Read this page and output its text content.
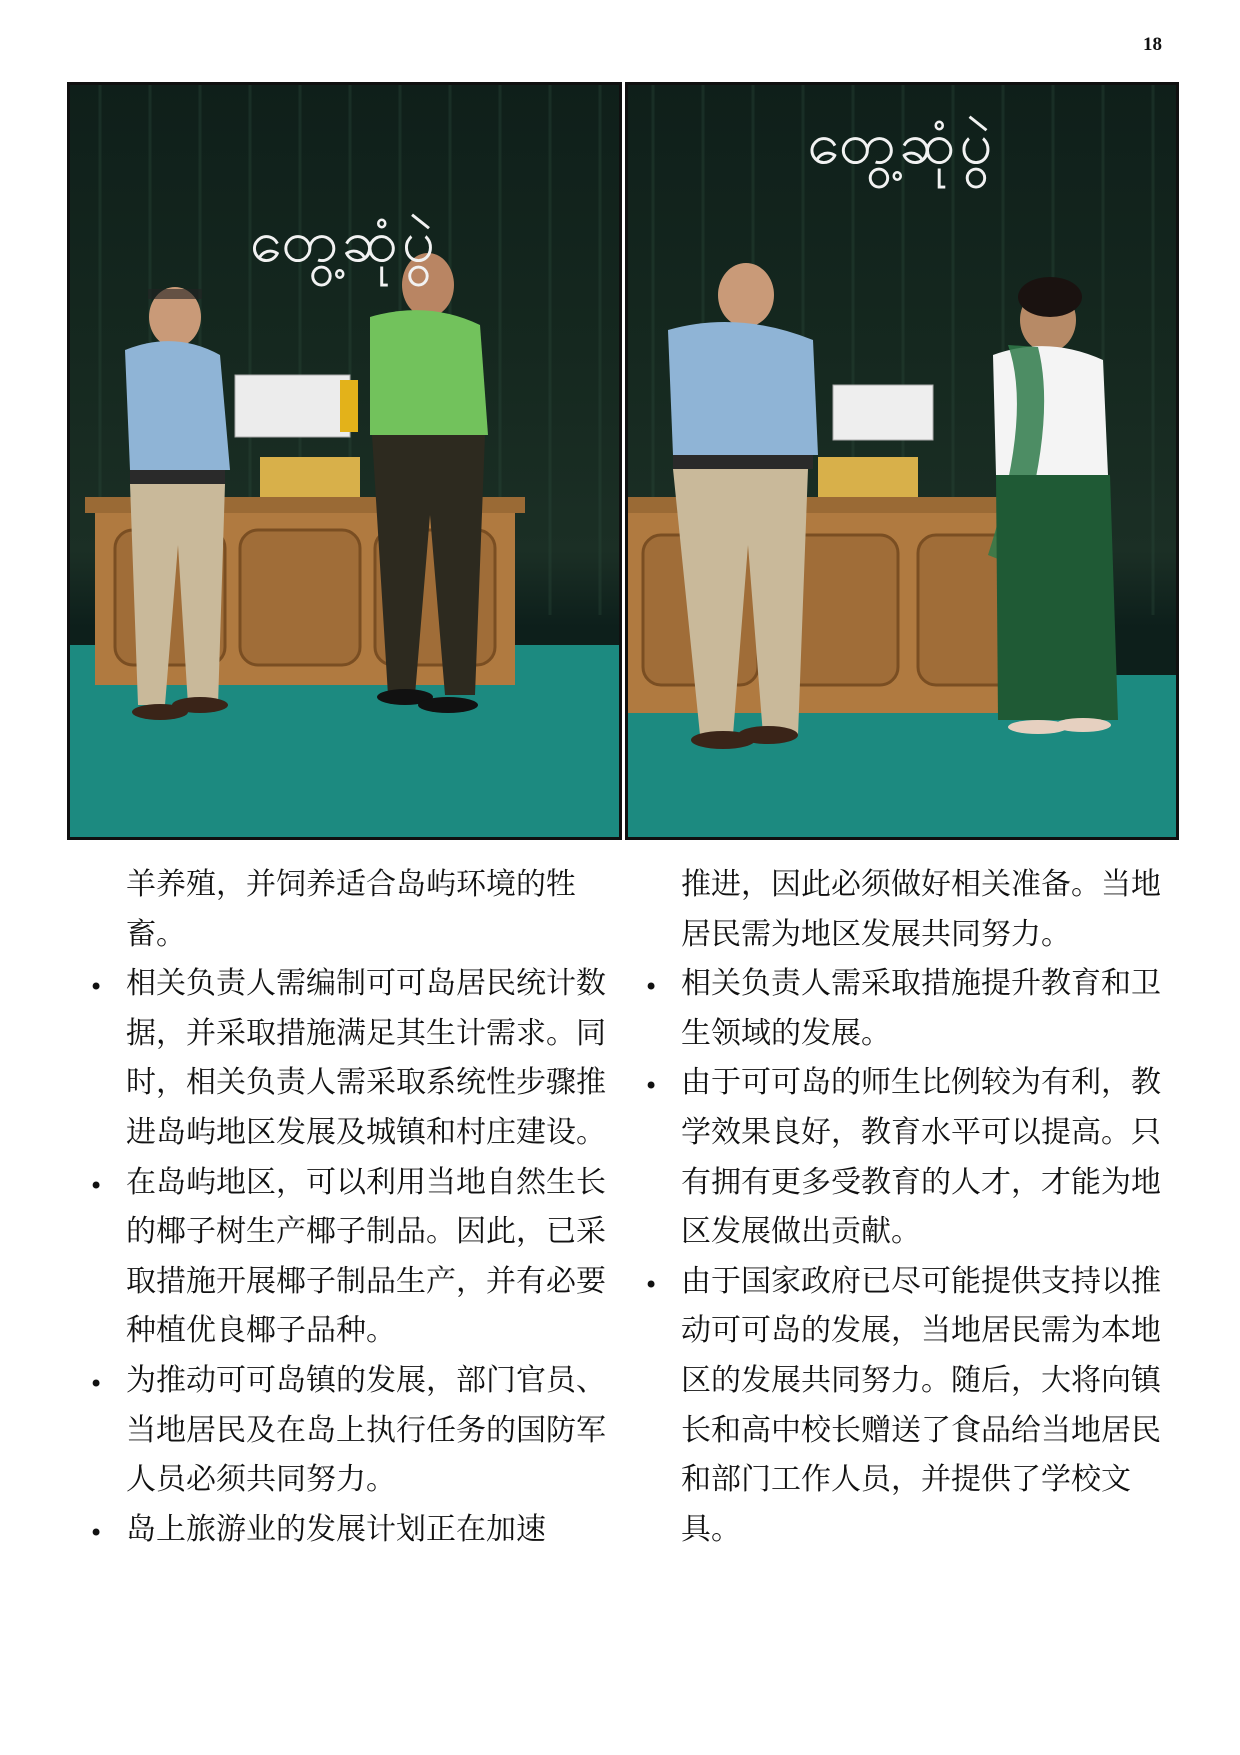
18
တွေ့ဆုံပွဲ
တွေ့ဆုံပွဲ

羊养殖，并饲养适合岛屿环境的牲畜。

• 相关负责人需编制可可岛居民统计数据，并采取措施满足其生计需求。同时，相关负责人需采取系统性步骤推进岛屿地区发展及城镇和村庄建设。
• 在岛屿地区，可以利用当地自然生长的椰子树生产椰子制品。因此，已采取措施开展椰子制品生产，并有必要种植优良椰子品种。
• 为推动可可岛镇的发展，部门官员、当地居民及在岛上执行任务的国防军人员必须共同努力。
• 岛上旅游业的发展计划正在加速

推进，因此必须做好相关准备。当地居民需为地区发展共同努力。

• 相关负责人需采取措施提升教育和卫生领域的发展。
• 由于可可岛的师生比例较为有利，教学效果良好，教育水平可以提高。只有拥有更多受教育的人才，才能为地区发展做出贡献。
• 由于国家政府已尽可能提供支持以推动可可岛的发展，当地居民需为本地区的发展共同努力。随后，大将向镇长和高中校长赠送了食品给当地居民和部门工作人员，并提供了学校文具。
